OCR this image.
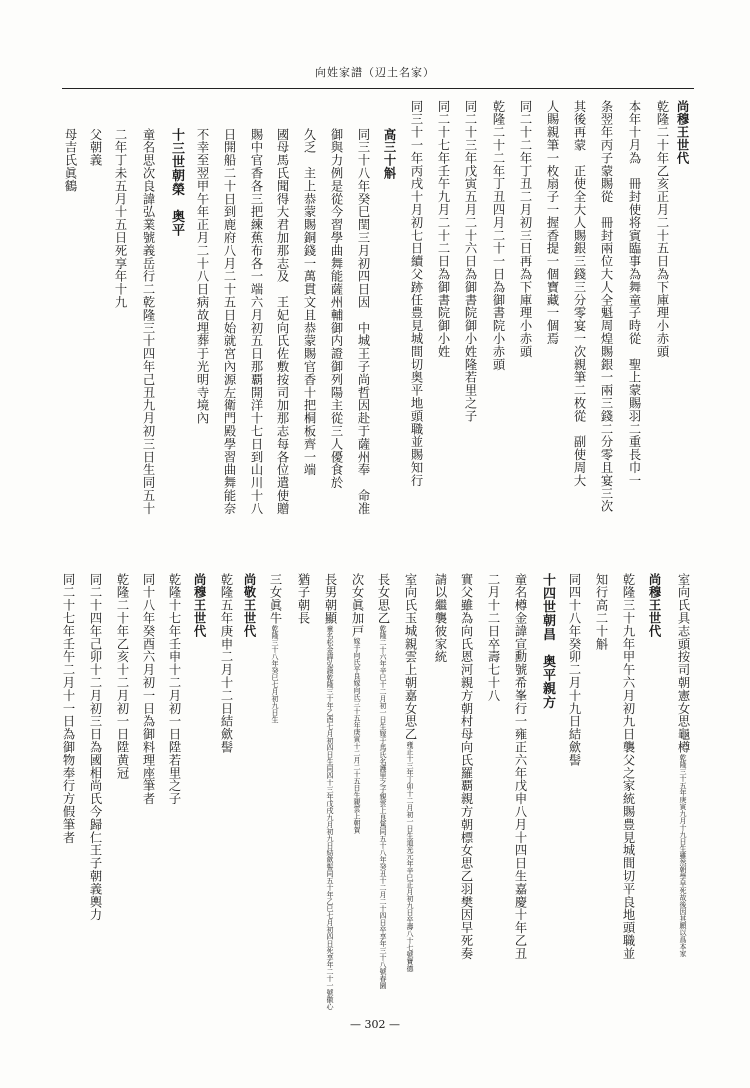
向姓家譜（辺土名家）
尚穆王世代
乾隆二十年乙亥正月二十五日為下庫理小赤頭
本年十月為　冊封使将賓臨事為舞童子時從　聖上蒙賜羽二重長巾一
条翌年丙子蒙賜從　冊封兩位大人全魁周煌賜銀一兩三錢二分零且宴三次
其後再蒙　正使全大人賜銀三錢三分零宴一次親筆二枚從　副使周大
人賜親筆一枚扇子一握香提一個寶藏一個焉
同二十二年丁丑二月初三日再為下庫理小赤頭
乾隆二十二年丁丑四月二十一日為御書院小赤頭
同二十三年戊寅五月二十六日為御書院御小姓隆若里之子
同二十七年壬午九月二十二日為御書院御小姓
同三十一年丙戌十月初七日續父跡任豊見城間切奥平地頭職並賜知行
高三十斛
同三十八年癸巳閏三月初四日因　中城王子尚哲因赴于薩州奉　命准
御與力例是從今習學曲舞能薩州輔御内證御列陽主從三人優食於
久乏　主上恭蒙賜銅錢一萬貫文且恭蒙賜官香十把桐板齊一端
國母馬氏聞得大君加那志及　王妃向氏佐敷按司加那志每各位遣使贈
賜中官香各三把練蕉布各一端六月初五日那覇開洋十七日到山川十八
日開船二十日到鹿府八月二十五日始就宮內源左衛門殿學習曲舞能奈
不幸至翌甲午年正月二十八日病故埋葬于光明寺境內
十三世朝榮　奥平
童名思次良諱弘業號義岳行二乾隆三十四年己丑九月初三日生同五十
二年丁未五月十五日死享年十九
父朝義
母吉氏眞鶴
室向氏具志頭按司朝憲女思龜樽乾隆三十五年庚寅九月十九日生雖然朝學早死故後因其願以爲本家
尚穆王世代
乾隆三十九年甲午六月初九日襲父之家統賜豊見城間切平良地頭職並
知行高二十斛
同四十八年癸卯二月十九日結歛髻
十四世朝昌　奥平親方
童名樽金諱宣勳號希峯行一雍正六年戊申八月十四日生嘉慶十年乙丑
二月十二日卒壽七十八
實父雖為向氏恩河親方朝村母向氏羅覇親方朝標女思乙羽樊因早死奏
請以繼襲彼家統
室向氏玉城親雲上朝嘉女思乙雍正十三年丁卯十二月初一日生道光元年辛巳正月初九日卒壽八十七號寶德
長女思乙乾隆二十六年辛巳十二月初一日生嫁于馬氏名護里之子親雲上良篤同五十八年癸丑十二月二十四日卒享年三十八號春園
次女眞加戸嫁于向氏平良嫁向氏三十五年庚寅十二月二十五日生親雲上朝賀
長男朝顯童名松金諱弘謨乾隆三十年乙酉七月初四日生同四十三年戊戌九月初九日結歛髻同五十年乙巳七月初四日死享年二十一號徽心
猶子朝長
三女眞牛乾隆三十八年癸巳七月初九日生
尚敬王世代
乾隆五年庚申二月十二日結歛髻
尚穆王世代
乾隆十七年壬申十二月初一日陞若里之子
同十八年癸酉六月初一日為御料理座筆者
乾隆二十年乙亥十二月初一日陞黄冠
同二十四年己卯十二月初三日為國相尚氏今歸仁王子朝義輿力
同二十七年壬午二月十一日為御物奉行方假筆者
— 302 —
